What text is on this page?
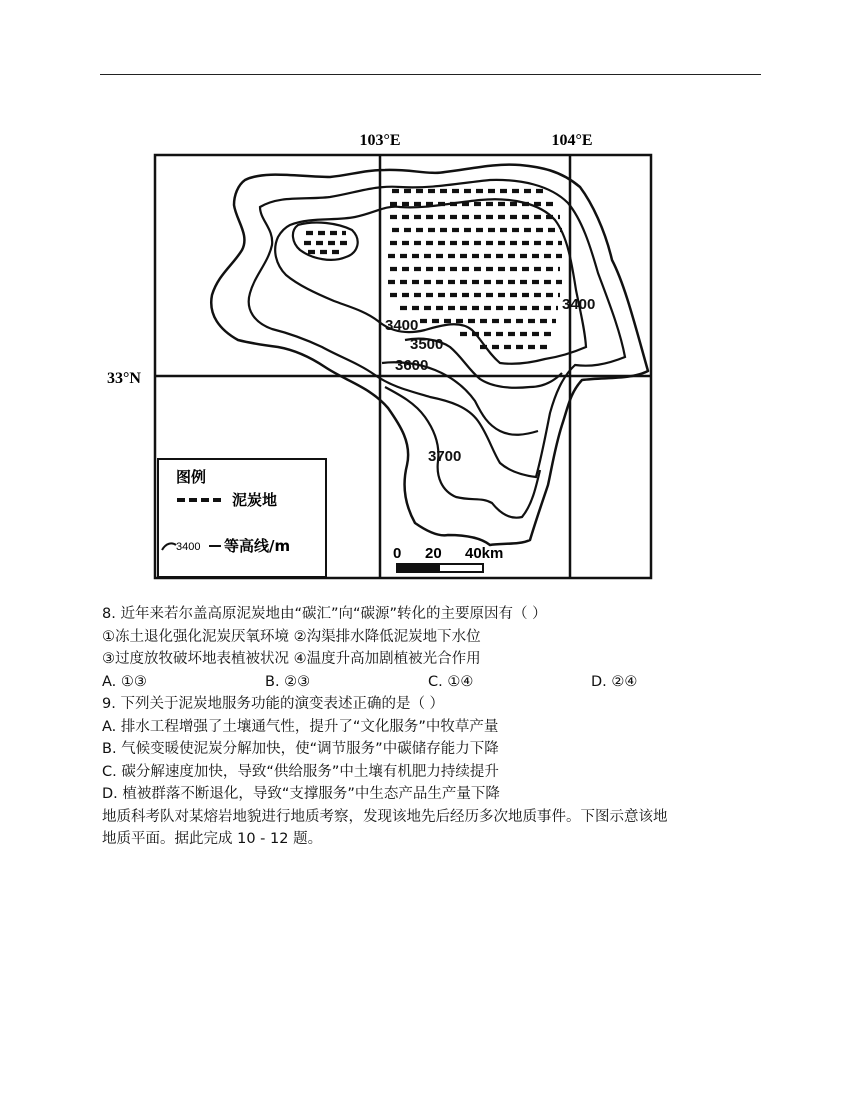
103°E	104°E
33°N
3400
3500
3600
3400
3700
图例
泥炭地
3400 等高线/m	0 20 40km
8. 近年来若尔盖高原泥炭地由“碳汇”向“碳源”转化的主要原因有（ ）
①冻土退化强化泥炭厌氧环境 ②沟渠排水降低泥炭地下水位
③过度放牧破坏地表植被状况 ④温度升高加剧植被光合作用
A. ①③	B. ②③	C. ①④	D. ②④
9. 下列关于泥炭地服务功能的演变表述正确的是（ ）
A. 排水工程增强了土壤通气性，提升了“文化服务”中牧草产量
B. 气候变暖使泥炭分解加快，使“调节服务”中碳储存能力下降
C. 碳分解速度加快，导致“供给服务”中土壤有机肥力持续提升
D. 植被群落不断退化，导致“支撑服务”中生态产品生产量下降
地质科考队对某熔岩地貌进行地质考察，发现该地先后经历多次地质事件。下图示意该地
地质平面。据此完成 10 - 12 题。
